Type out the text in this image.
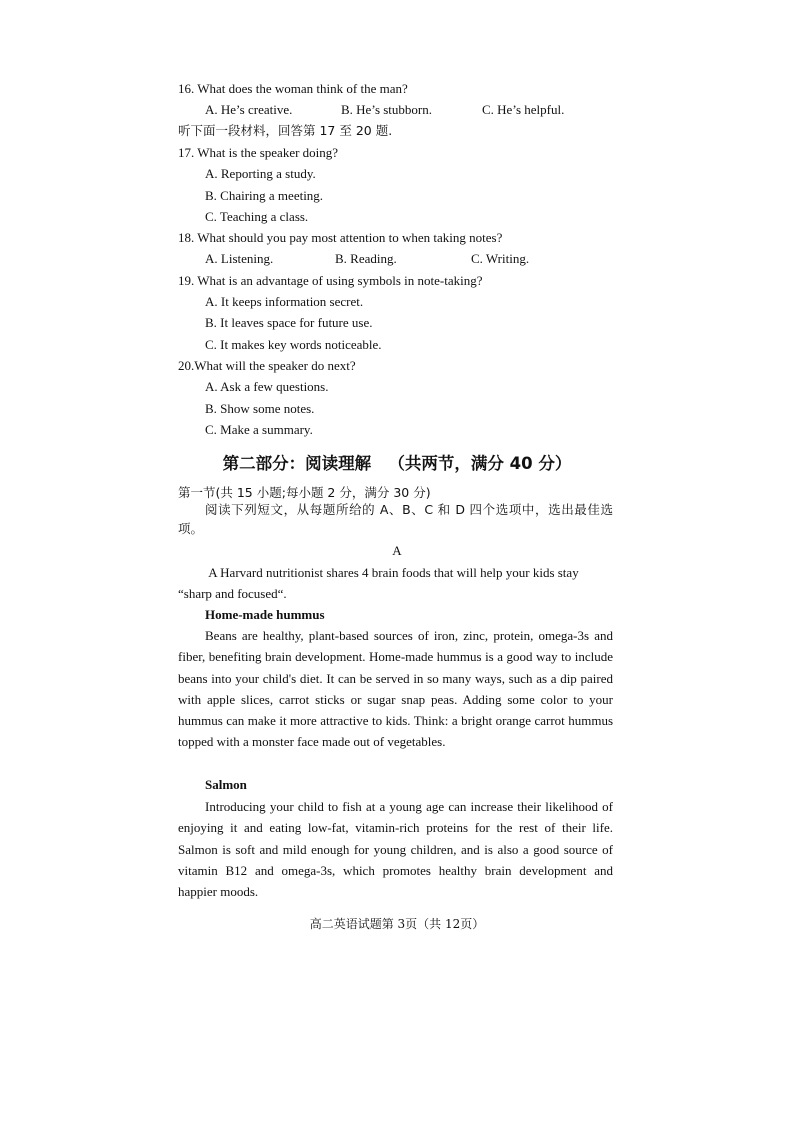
16. What does the woman think of the man?
A. He’s creative.	B. He’s stubborn.	C. He’s helpful.
听下面一段材料，回答第 17 至 20 题.
17. What is the speaker doing?
A. Reporting a study.
B. Chairing a meeting.
C. Teaching a class.
18. What should you pay most attention to when taking notes?
A. Listening.	B. Reading.	C. Writing.
19. What is an advantage of using symbols in note-taking?
A. It keeps information secret.
B. It leaves space for future use.
C. It makes key words noticeable.
20.What will the speaker do next?
A. Ask a few questions.
B. Show some notes.
C. Make a summary.
第二部分：阅读理解   （共两节，满分 40 分）
第一节(共 15 小题;每小题 2 分，满分 30 分)
阅读下列短文，从每题所给的 A、B、C 和 D 四个选项中，选出最佳选项。
A
A Harvard nutritionist shares 4 brain foods that will help your kids stay “sharp and focused“.
Home-made hummus
Beans are healthy, plant-based sources of iron, zinc, protein, omega-3s and fiber, benefiting brain development. Home-made hummus is a good way to include beans into your child's diet. It can be served in so many ways, such as a dip paired with apple slices, carrot sticks or sugar snap peas. Adding some color to your hummus can make it more attractive to kids. Think: a bright orange carrot hummus topped with a monster face made out of vegetables.
Salmon
Introducing your child to fish at a young age can increase their likelihood of enjoying it and eating low-fat, vitamin-rich proteins for the rest of their life. Salmon is soft and mild enough for young children, and is also a good source of vitamin B12 and omega-3s, which promotes healthy brain development and happier moods.
高二英语试题第 3页（共 12页）
